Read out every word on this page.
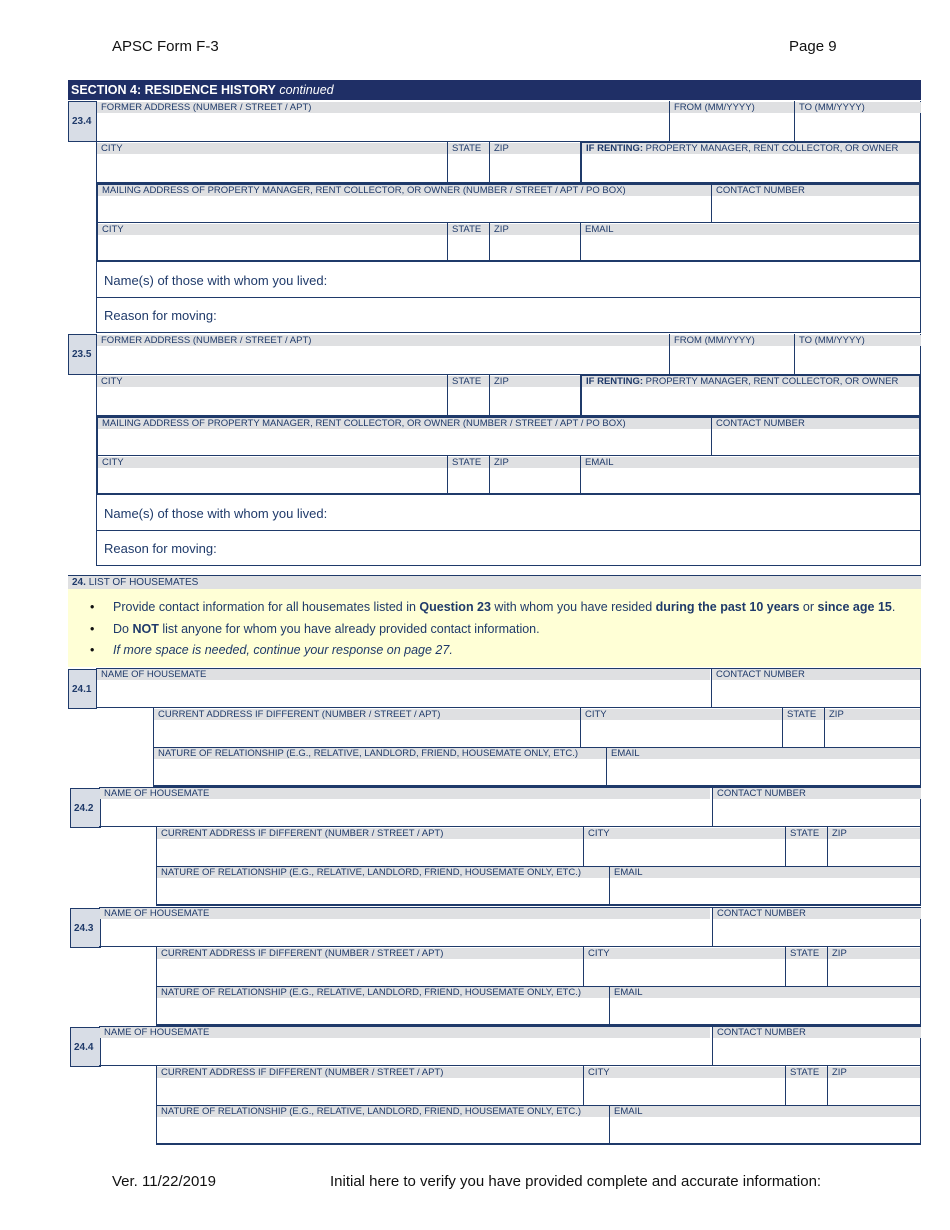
APSC Form F-3	Page 9
SECTION 4: RESIDENCE HISTORY continued
23.4
FORMER ADDRESS (NUMBER / STREET / APT)	FROM (MM/YYYY)	TO (MM/YYYY)
CITY	STATE	ZIP	IF RENTING: PROPERTY MANAGER, RENT COLLECTOR, OR OWNER
MAILING ADDRESS OF PROPERTY MANAGER, RENT COLLECTOR, OR OWNER (NUMBER / STREET / APT / PO BOX)	CONTACT NUMBER
CITY	STATE	ZIP	EMAIL
Name(s) of those with whom you lived:
Reason for moving:
23.5
FORMER ADDRESS (NUMBER / STREET / APT)	FROM (MM/YYYY)	TO (MM/YYYY)
CITY	STATE	ZIP	IF RENTING: PROPERTY MANAGER, RENT COLLECTOR, OR OWNER
MAILING ADDRESS OF PROPERTY MANAGER, RENT COLLECTOR, OR OWNER (NUMBER / STREET / APT / PO BOX)	CONTACT NUMBER
CITY	STATE	ZIP	EMAIL
Name(s) of those with whom you lived:
Reason for moving:
24. LIST OF HOUSEMATES
• Provide contact information for all housemates listed in Question 23 with whom you have resided during the past 10 years or since age 15.
• Do NOT list anyone for whom you have already provided contact information.
• If more space is needed, continue your response on page 27.
24.1
NAME OF HOUSEMATE	CONTACT NUMBER
CURRENT ADDRESS IF DIFFERENT (NUMBER / STREET / APT)	CITY	STATE	ZIP
NATURE OF RELATIONSHIP (E.G., RELATIVE, LANDLORD, FRIEND, HOUSEMATE ONLY, ETC.)	EMAIL
24.2
NAME OF HOUSEMATE	CONTACT NUMBER
CURRENT ADDRESS IF DIFFERENT (NUMBER / STREET / APT)	CITY	STATE	ZIP
NATURE OF RELATIONSHIP (E.G., RELATIVE, LANDLORD, FRIEND, HOUSEMATE ONLY, ETC.)	EMAIL
24.3
NAME OF HOUSEMATE	CONTACT NUMBER
CURRENT ADDRESS IF DIFFERENT (NUMBER / STREET / APT)	CITY	STATE	ZIP
NATURE OF RELATIONSHIP (E.G., RELATIVE, LANDLORD, FRIEND, HOUSEMATE ONLY, ETC.)	EMAIL
24.4
NAME OF HOUSEMATE	CONTACT NUMBER
CURRENT ADDRESS IF DIFFERENT (NUMBER / STREET / APT)	CITY	STATE	ZIP
NATURE OF RELATIONSHIP (E.G., RELATIVE, LANDLORD, FRIEND, HOUSEMATE ONLY, ETC.)	EMAIL
Ver. 11/22/2019	Initial here to verify you have provided complete and accurate information:
